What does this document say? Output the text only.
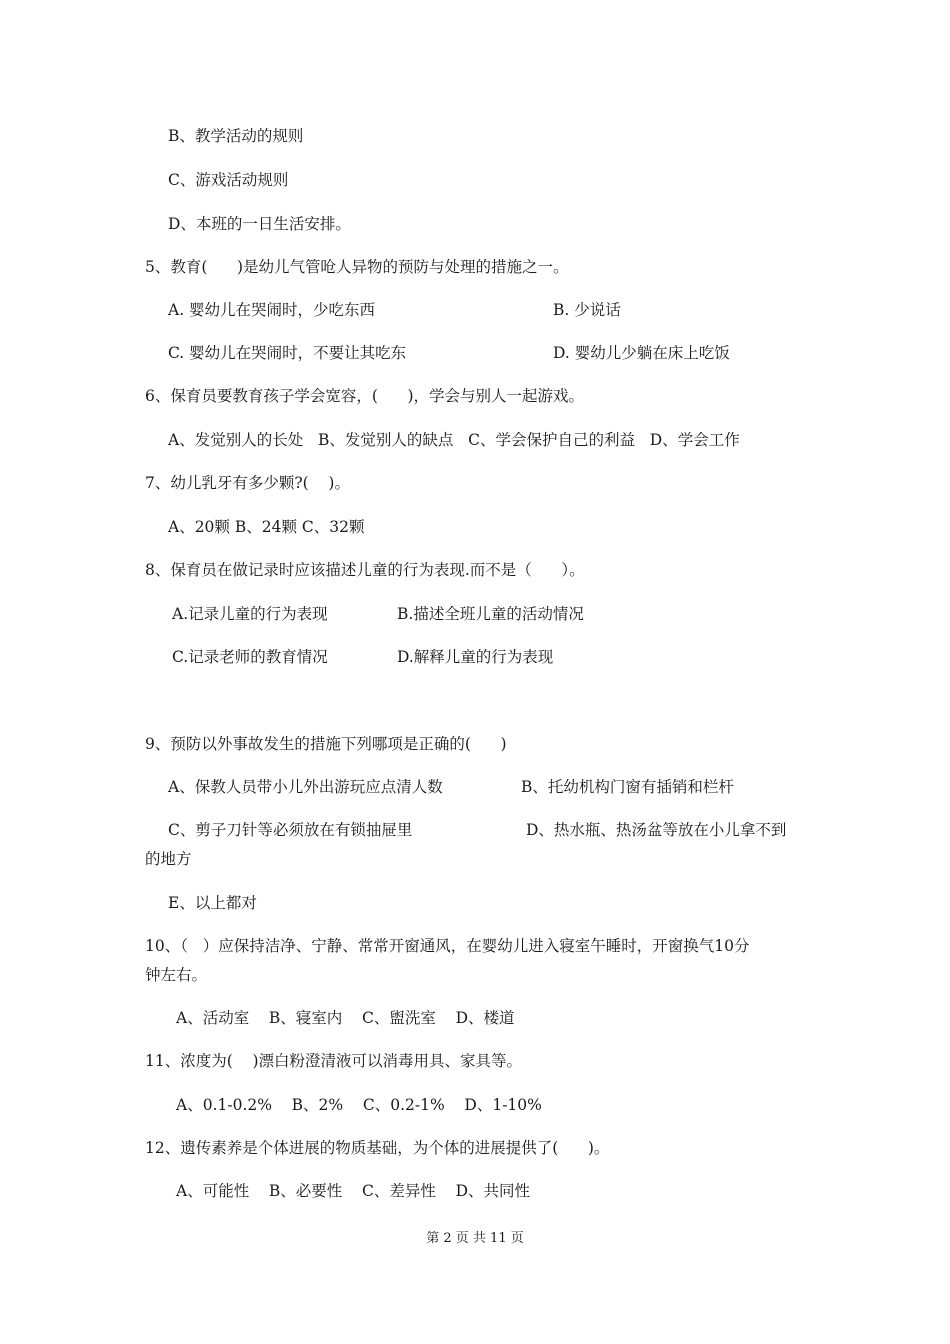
B、教学活动的规则
C、游戏活动规则
D、本班的一日生活安排。
5、教育(      )是幼儿气管呛人异物的预防与处理的措施之一。
A. 婴幼儿在哭闹时，少吃东西	B. 少说话
C. 婴幼儿在哭闹时，不要让其吃东	D. 婴幼儿少躺在床上吃饭
6、保育员要教育孩子学会宽容，(      )，学会与别人一起游戏。
A、发觉别人的长处   B、发觉别人的缺点   C、学会保护自己的利益   D、学会工作
7、幼儿乳牙有多少颗?(    )。
A、20颗 B、24颗 C、32颗
8、保育员在做记录时应该描述儿童的行为表现.而不是（      ）。
A.记录儿童的行为表现	B.描述全班儿童的活动情况
C.记录老师的教育情况	D.解释儿童的行为表现
9、预防以外事故发生的措施下列哪项是正确的(      )
A、保教人员带小儿外出游玩应点清人数	B、托幼机构门窗有插销和栏杆
C、剪子刀针等必须放在有锁抽屉里	D、热水瓶、热汤盆等放在小儿拿不到
的地方
E、以上都对
10、（   ）应保持洁净、宁静、常常开窗通风，在婴幼儿进入寝室午睡时，开窗换气10分
钟左右。
A、活动室    B、寝室内    C、盥洗室    D、楼道
11、浓度为(    )漂白粉澄清液可以消毒用具、家具等。
A、0.1-0.2%    B、2%    C、0.2-1%    D、1-10%
12、遗传素养是个体进展的物质基础，为个体的进展提供了(      )。
A、可能性    B、必要性    C、差异性    D、共同性
第 2 页 共 11 页
